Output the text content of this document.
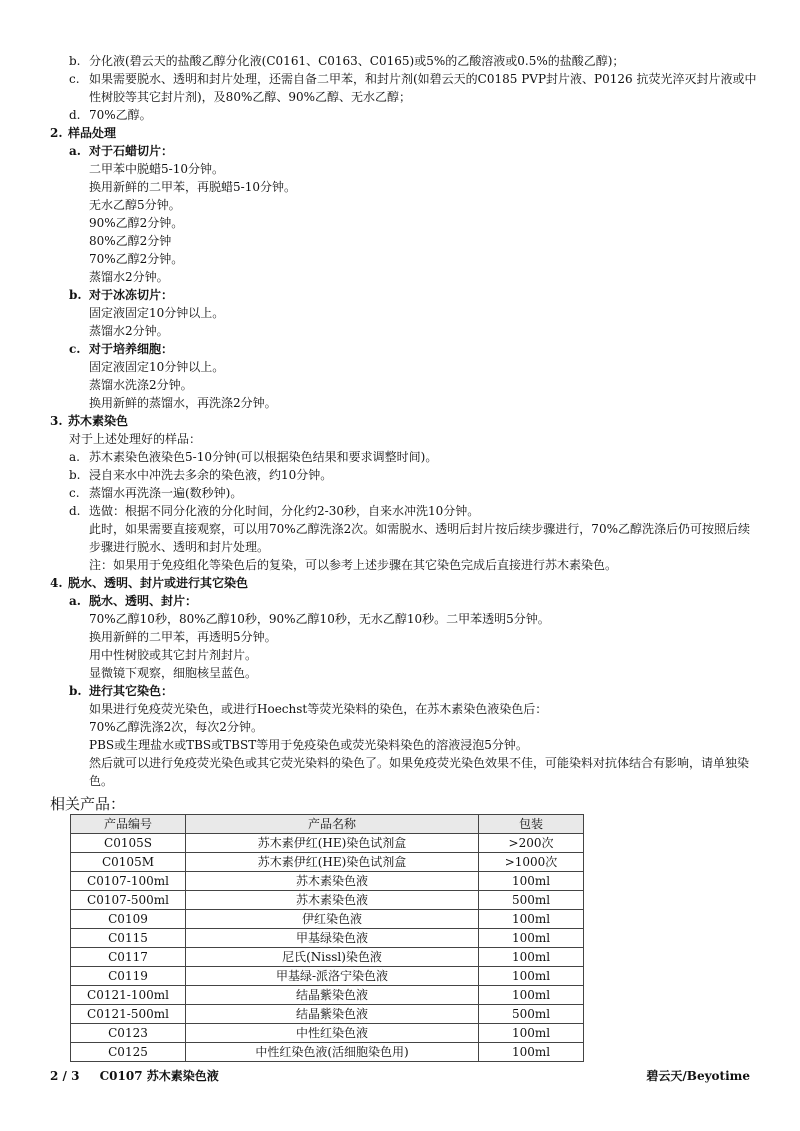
b. 分化液(碧云天的盐酸乙醇分化液(C0161、C0163、C0165)或5%的乙酸溶液或0.5%的盐酸乙醇)；
c. 如果需要脱水、透明和封片处理，还需自备二甲苯，和封片剂(如碧云天的C0185 PVP封片液、P0126 抗荧光淬灭封片液或中性树胶等其它封片剂)，及80%乙醇、90%乙醇、无水乙醇；
d. 70%乙醇。
2. 样品处理
a. 对于石蜡切片：
二甲苯中脱蜡5-10分钟。
换用新鲜的二甲苯，再脱蜡5-10分钟。
无水乙醇5分钟。
90%乙醇2分钟。
80%乙醇2分钟
70%乙醇2分钟。
蒸馏水2分钟。
b. 对于冰冻切片：
固定液固定10分钟以上。
蒸馏水2分钟。
c. 对于培养细胞：
固定液固定10分钟以上。
蒸馏水洗涤2分钟。
换用新鲜的蒸馏水，再洗涤2分钟。
3. 苏木素染色
对于上述处理好的样品：
a. 苏木素染色液染色5-10分钟(可以根据染色结果和要求调整时间)。
b. 浸自来水中冲洗去多余的染色液，约10分钟。
c. 蒸馏水再洗涤一遍(数秒钟)。
d. 选做：根据不同分化液的分化时间，分化约2-30秒，自来水冲洗10分钟。
此时，如果需要直接观察，可以用70%乙醇洗涤2次。如需脱水、透明后封片按后续步骤进行，70%乙醇洗涤后仍可按照后续步骤进行脱水、透明和封片处理。
注：如果用于免疫组化等染色后的复染，可以参考上述步骤在其它染色完成后直接进行苏木素染色。
4. 脱水、透明、封片或进行其它染色
a. 脱水、透明、封片：
70%乙醇10秒，80%乙醇10秒，90%乙醇10秒，无水乙醇10秒。二甲苯透明5分钟。
换用新鲜的二甲苯，再透明5分钟。
用中性树胶或其它封片剂封片。
显微镜下观察，细胞核呈蓝色。
b. 进行其它染色：
如果进行免疫荧光染色，或进行Hoechst等荧光染料的染色，在苏木素染色液染色后：
70%乙醇洗涤2次，每次2分钟。
PBS或生理盐水或TBS或TBST等用于免疫染色或荧光染料染色的溶液浸泡5分钟。
然后就可以进行免疫荧光染色或其它荧光染料的染色了。如果免疫荧光染色效果不佳，可能染料对抗体结合有影响，请单独染色。
相关产品：
产品编号	产品名称	包装
C0105S	苏木素伊红(HE)染色试剂盒	>200次
C0105M	苏木素伊红(HE)染色试剂盒	>1000次
C0107-100ml	苏木素染色液	100ml
C0107-500ml	苏木素染色液	500ml
C0109	伊红染色液	100ml
C0115	甲基绿染色液	100ml
C0117	尼氏(Nissl)染色液	100ml
C0119	甲基绿-派洛宁染色液	100ml
C0121-100ml	结晶紫染色液	100ml
C0121-500ml	结晶紫染色液	500ml
C0123	中性红染色液	100ml
C0125	中性红染色液(活细胞染色用)	100ml
2 / 3 C0107 苏木素染色液	碧云天/Beyotime
